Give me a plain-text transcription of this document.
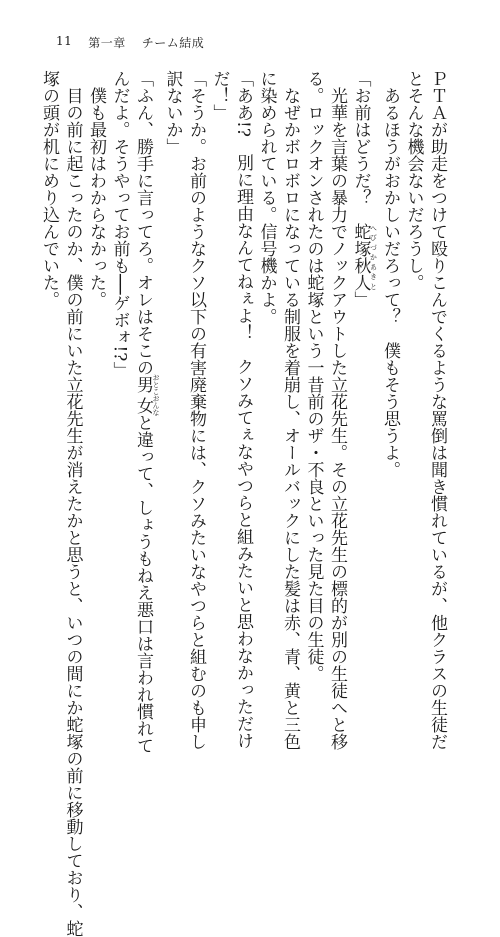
11 第一章 チーム結成
ＰＴＡが助走をつけて殴りこんでくるような罵倒は聞き慣れているが、他クラスの生徒だ
とそんな機会ないだろうし。
あるほうがおかしいだろって？　僕もそう思うよ。
「お前はどうだ？　蛇塚秋人 へびづかあきと」
光華を言葉の暴力でノックアウトした立花先生。その立花先生の標的が別の生徒へと移
る。ロックオンされたのは蛇塚という一昔前のザ・不良といった見た目の生徒。
なぜかボロボロになっている制服を着崩し、オールバックにした髪は赤、青、黄と三色
に染められている。信号機かよ。
「ああ!?　別に理由なんてねぇよ！　クソみてぇなやつらと組みたいと思わなかっただけ
だ！」
「そうか。お前のようなクソ以下の有害廃棄物には、クソみたいなやつらと組むのも申し
訳ないか」
「ふん、勝手に言ってろ。オレはそこの男女 おとこおんなと違って、しょうもねえ悪口は言われ慣れて
んだよ。そうやってお前も──ゲボォ!?」
僕も最初はわからなかった。
目の前に起こったのか、僕の前にいた立花先生が消えたかと思うと、いつの間にか蛇塚の前に移動しており、蛇
塚の頭が机にめり込んでいた。
